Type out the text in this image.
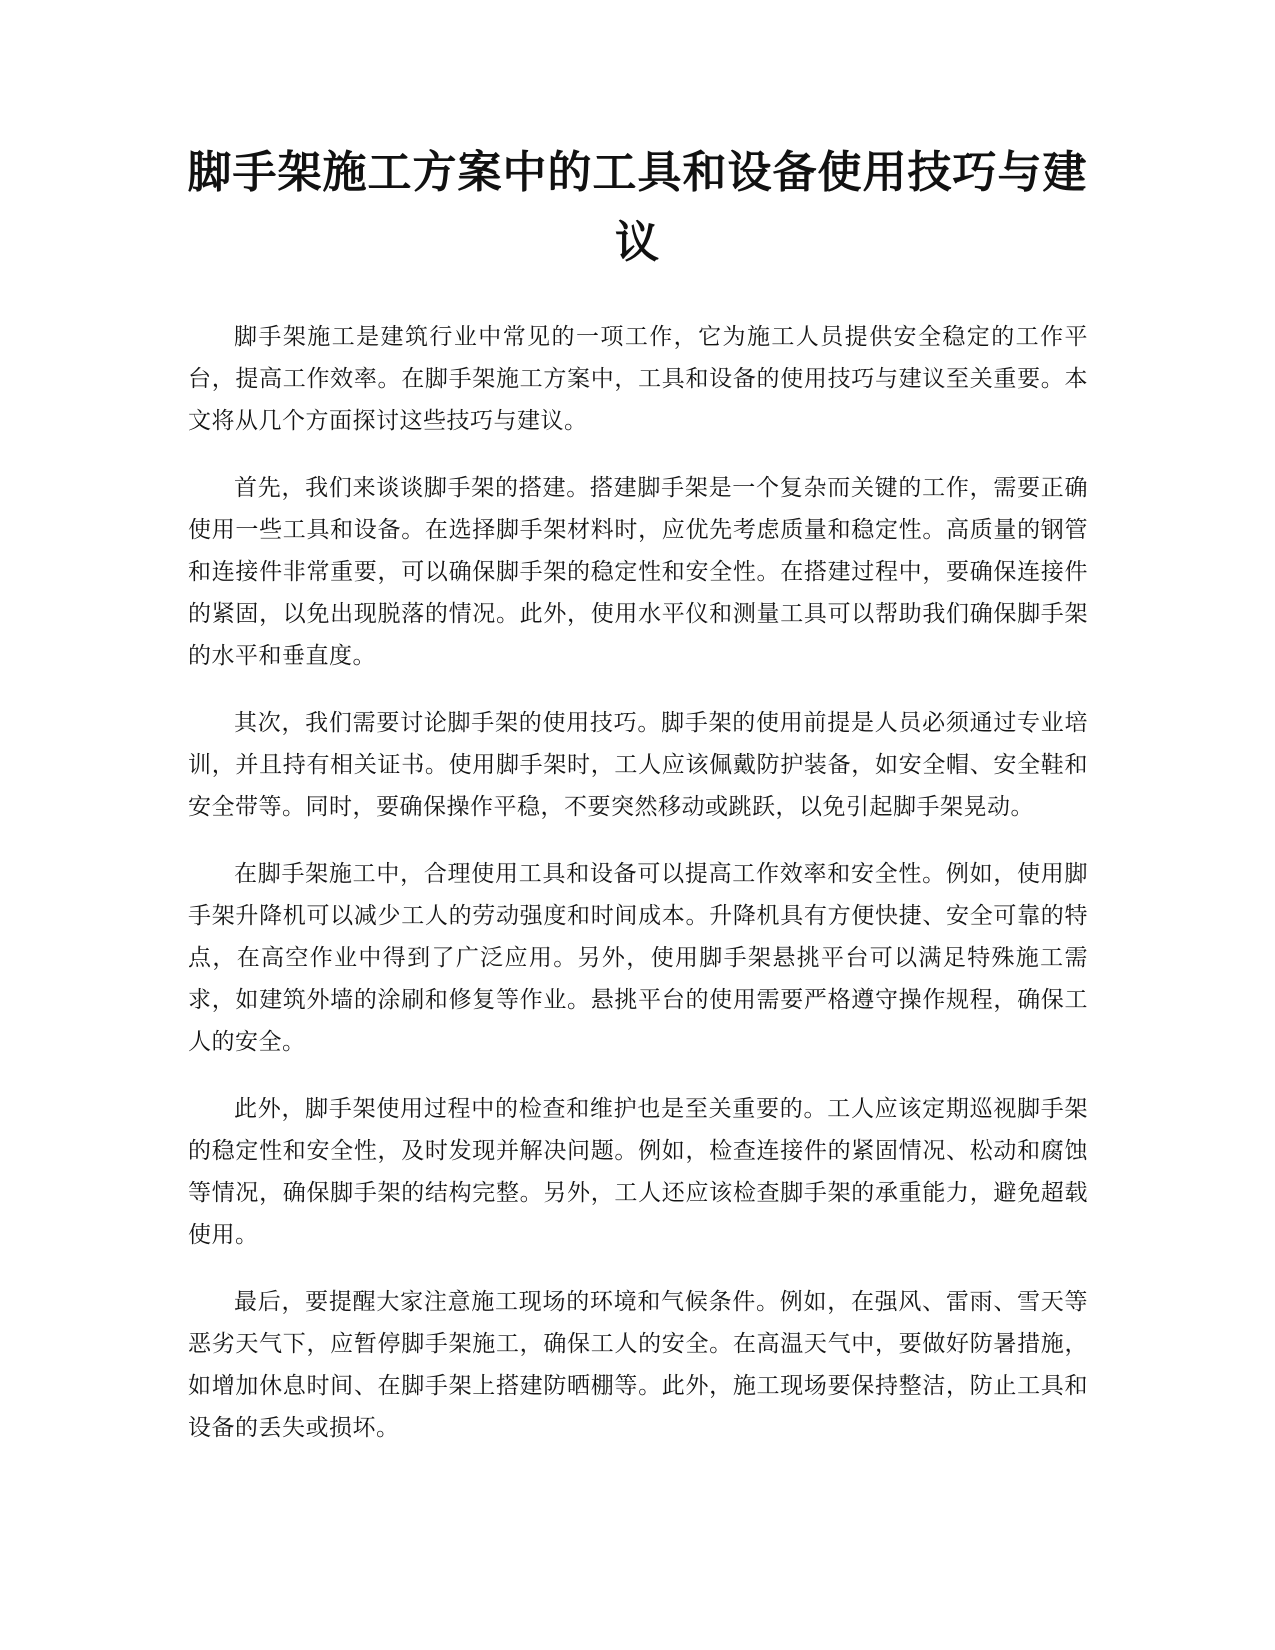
脚手架施工方案中的工具和设备使用技巧与建议

脚手架施工是建筑行业中常见的一项工作，它为施工人员提供安全稳定的工作平台，提高工作效率。在脚手架施工方案中，工具和设备的使用技巧与建议至关重要。本文将从几个方面探讨这些技巧与建议。

首先，我们来谈谈脚手架的搭建。搭建脚手架是一个复杂而关键的工作，需要正确使用一些工具和设备。在选择脚手架材料时，应优先考虑质量和稳定性。高质量的钢管和连接件非常重要，可以确保脚手架的稳定性和安全性。在搭建过程中，要确保连接件的紧固，以免出现脱落的情况。此外，使用水平仪和测量工具可以帮助我们确保脚手架的水平和垂直度。

其次，我们需要讨论脚手架的使用技巧。脚手架的使用前提是人员必须通过专业培训，并且持有相关证书。使用脚手架时，工人应该佩戴防护装备，如安全帽、安全鞋和安全带等。同时，要确保操作平稳，不要突然移动或跳跃，以免引起脚手架晃动。

在脚手架施工中，合理使用工具和设备可以提高工作效率和安全性。例如，使用脚手架升降机可以减少工人的劳动强度和时间成本。升降机具有方便快捷、安全可靠的特点，在高空作业中得到了广泛应用。另外，使用脚手架悬挑平台可以满足特殊施工需求，如建筑外墙的涂刷和修复等作业。悬挑平台的使用需要严格遵守操作规程，确保工人的安全。

此外，脚手架使用过程中的检查和维护也是至关重要的。工人应该定期巡视脚手架的稳定性和安全性，及时发现并解决问题。例如，检查连接件的紧固情况、松动和腐蚀等情况，确保脚手架的结构完整。另外，工人还应该检查脚手架的承重能力，避免超载使用。

最后，要提醒大家注意施工现场的环境和气候条件。例如，在强风、雷雨、雪天等恶劣天气下，应暂停脚手架施工，确保工人的安全。在高温天气中，要做好防暑措施，如增加休息时间、在脚手架上搭建防晒棚等。此外，施工现场要保持整洁，防止工具和设备的丢失或损坏。
